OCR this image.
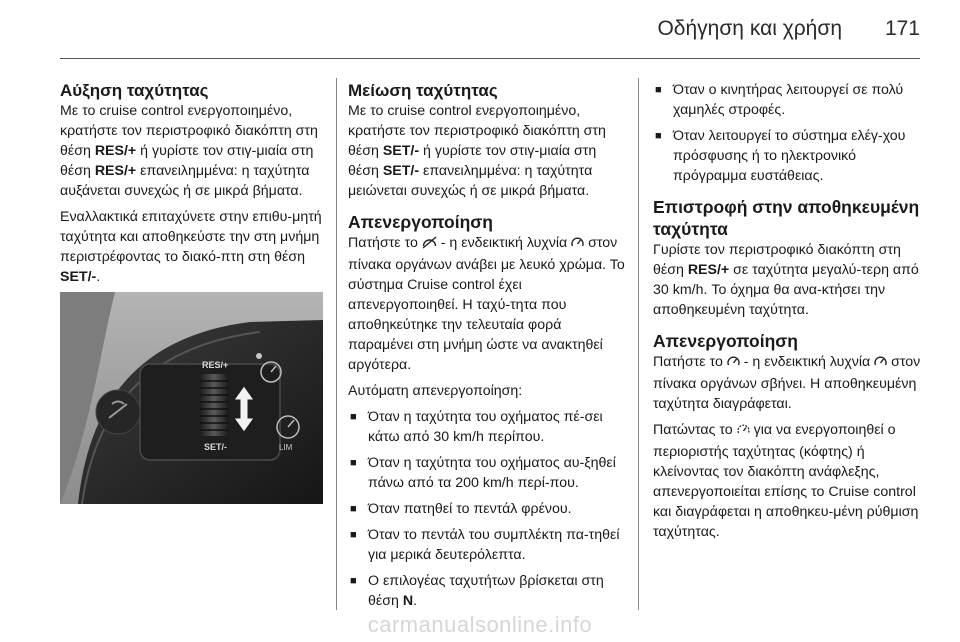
Οδήγηση και χρήση 171
Αύξηση ταχύτητας

Με το cruise control ενεργοποιημένο, κρατήστε τον περιστροφικό διακόπτη στη θέση RES/+ ή γυρίστε τον στιγ-μιαία στη θέση RES/+ επανειλημμένα: η ταχύτητα αυξάνεται συνεχώς ή σε μικρά βήματα.

Εναλλακτικά επιταχύνετε στην επιθυ-μητή ταχύτητα και αποθηκεύστε την στη μνήμη περιστρέφοντας το διακό-πτη στη θέση SET/-.

RES/+
SET/-	LIM
Μείωση ταχύτητας

Με το cruise control ενεργοποιημένο, κρατήστε τον περιστροφικό διακόπτη στη θέση SET/- ή γυρίστε τον στιγ-μιαία στη θέση SET/- επανειλημμένα: η ταχύτητα μειώνεται συνεχώς ή σε μικρά βήματα.

Απενεργοποίηση

Πατήστε το  - η ενδεικτική λυχνία  στον πίνακα οργάνων ανάβει με λευκό χρώμα. Το σύστημα Cruise control έχει απενεργοποιηθεί. Η ταχύ-τητα που αποθηκεύτηκε την τελευταία φορά παραμένει στη μνήμη ώστε να ανακτηθεί αργότερα.

Αυτόματη απενεργοποίηση:

■ Όταν η ταχύτητα του οχήματος πέ-σει κάτω από 30 km/h περίπου.
■ Όταν η ταχύτητα του οχήματος αυ-ξηθεί πάνω από τα 200 km/h περί-που.
■ Όταν πατηθεί το πεντάλ φρένου.
■ Όταν το πεντάλ του συμπλέκτη πα-τηθεί για μερικά δευτερόλεπτα.
■ Ο επιλογέας ταχυτήτων βρίσκεται στη θέση N.
■ Όταν ο κινητήρας λειτουργεί σε πολύ χαμηλές στροφές.
■ Όταν λειτουργεί το σύστημα ελέγ-χου πρόσφυσης ή το ηλεκτρονικό πρόγραμμα ευστάθειας.
Επιστροφή στην αποθηκευμένη ταχύτητα

Γυρίστε τον περιστροφικό διακόπτη στη θέση RES/+ σε ταχύτητα μεγαλύ-τερη από 30 km/h. Το όχημα θα ανα-κτήσει την αποθηκευμένη ταχύτητα.

Απενεργοποίηση

Πατήστε το  - η ενδεικτική λυχνία  στον πίνακα οργάνων σβήνει. Η αποθηκευμένη ταχύτητα διαγράφεται.

Πατώντας το  για να ενεργοποιηθεί ο περιοριστής ταχύτητας (κόφτης) ή κλείνοντας τον διακόπτη ανάφλεξης, απενεργοποιείται επίσης το Cruise control και διαγράφεται η αποθηκευ-μένη ρύθμιση ταχύτητας.

carmanualsonline.info
